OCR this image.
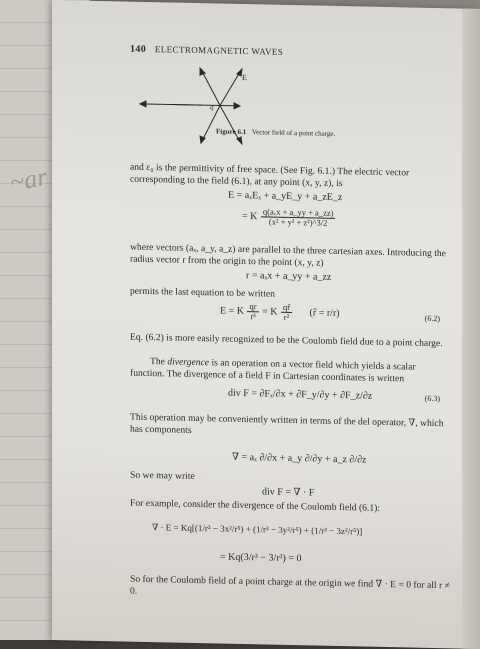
~ar
140 ELECTROMAGNETIC WAVES
E
q
Figure 6.1 Vector field of a point charge.
and ε₀ is the permittivity of free space. (See Fig. 6.1.) The electric vector corresponding to the field (6.1), at any point (x, y, z), is
E = aₓEₓ + a_yE_y + a_zE_z
= K $\frac{\text{q(aₓx + a\_yy + a\_zz)}}{\text{(x² + y² + z²)\textasciicircum{}3/2}}$
where vectors (aₓ, a_y, a_z) are parallel to the three cartesian axes. Introducing the radius vector r from the origin to the point (x, y, z)
r = aₓx + a_yy + a_zz
permits the last equation to be written
E = K $\frac{qr}{\text{r³}} = K \frac{qr̂}{\text{r²}}$ (r̂ = r/r)	(6.2)
Eq. (6.2) is more easily recognized to be the Coulomb field due to a point charge.
The divergence is an operation on a vector field which yields a scalar function. The divergence of a field F in Cartesian coordinates is written
div F = ∂Fₓ/∂x + ∂F_y/∂y + ∂F_z/∂z	(6.3)
This operation may be conveniently written in terms of the del operator, ∇, which has components
∇ = aₓ ∂/∂x + a_y ∂/∂y + a_z ∂/∂z
So we may write
div F = ∇ · F
For example, consider the divergence of the Coulomb field (6.1):
∇ · E = Kq[(1/r³ − 3x²/r⁵) + (1/r³ − 3y²/r⁵) + (1/r³ − 3z²/r⁵)]
= Kq(3/r³ − 3/r³) = 0
So for the Coulomb field of a point charge at the origin we find ∇ · E = 0 for all r ≠ 0.
